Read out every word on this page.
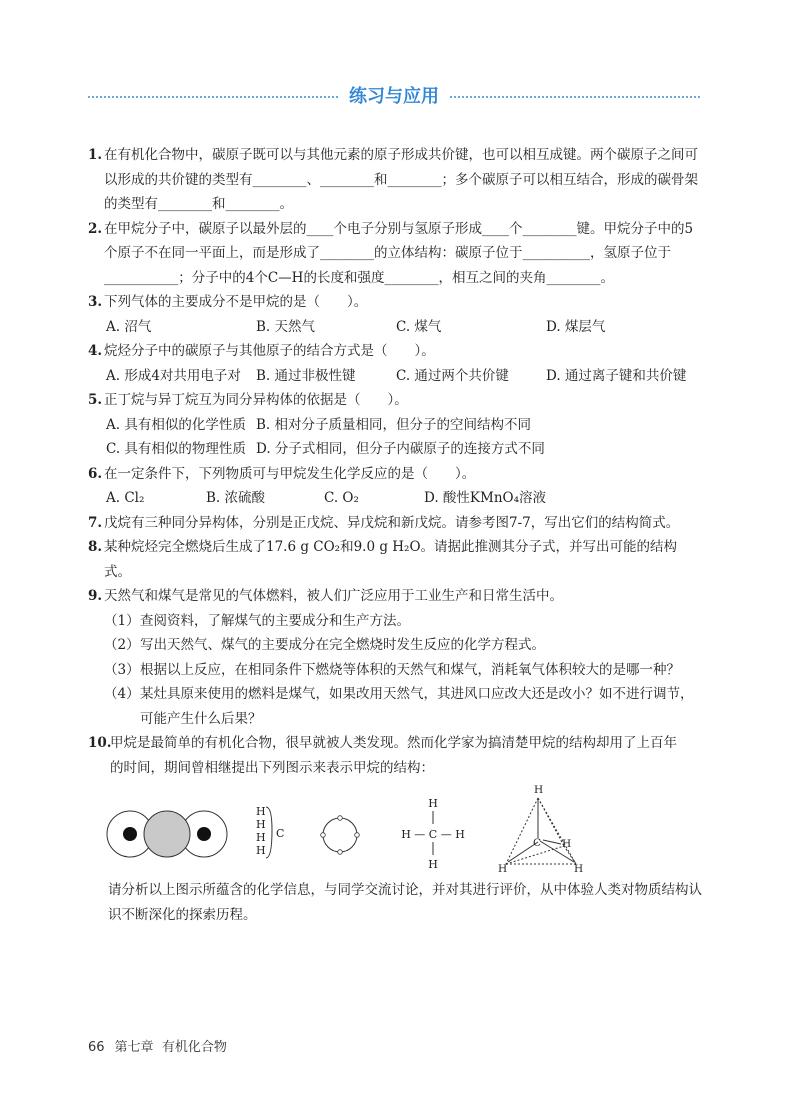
练习与应用
1. 在有机化合物中，碳原子既可以与其他元素的原子形成共价键，也可以相互成键。两个碳原子之间可以形成的共价键的类型有________、________和________；多个碳原子可以相互结合，形成的碳骨架的类型有________和________。
2. 在甲烷分子中，碳原子以最外层的____个电子分别与氢原子形成____个________键。甲烷分子中的5个原子不在同一平面上，而是形成了________的立体结构：碳原子位于__________，氢原子位于___________；分子中的4个C—H的长度和强度________，相互之间的夹角________。
3. 下列气体的主要成分不是甲烷的是（　　）。
A. 沼气	B. 天然气	C. 煤气	D. 煤层气
4. 烷烃分子中的碳原子与其他原子的结合方式是（　　）。
A. 形成4对共用电子对	B. 通过非极性键	C. 通过两个共价键	D. 通过离子键和共价键
5. 正丁烷与异丁烷互为同分异构体的依据是（　　）。
A. 具有相似的化学性质 B. 相对分子质量相同，但分子的空间结构不同
C. 具有相似的物理性质 D. 分子式相同，但分子内碳原子的连接方式不同
6. 在一定条件下，下列物质可与甲烷发生化学反应的是（　　）。
A. Cl₂	B. 浓硫酸	C. O₂	D. 酸性KMnO₄溶液
7. 戊烷有三种同分异构体，分别是正戊烷、异戊烷和新戊烷。请参考图7-7，写出它们的结构简式。
8. 某种烷烃完全燃烧后生成了17.6 g CO₂和9.0 g H₂O。请据此推测其分子式，并写出可能的结构式。
9. 天然气和煤气是常见的气体燃料，被人们广泛应用于工业生产和日常生活中。
（1） 查阅资料，了解煤气的主要成分和生产方法。
（2） 写出天然气、煤气的主要成分在完全燃烧时发生反应的化学方程式。
（3） 根据以上反应，在相同条件下燃烧等体积的天然气和煤气，消耗氧气体积较大的是哪一种？
（4） 某灶具原来使用的燃料是煤气，如果改用天然气，其进风口应改大还是改小？如不进行调节，可能产生什么后果？
10.
甲烷是最简单的有机化合物，很早就被人类发现。然而化学家为搞清楚甲烷的结构却用了上百年
的时间，期间曾相继提出下列图示来表示甲烷的结构：
H
H
H
H
C
H
H — C — H
H
H
C H
H	H
请分析以上图示所蕴含的化学信息，与同学交流讨论，并对其进行评价，从中体验人类对物质结构认识不断深化的探索历程。
66 第七章 有机化合物
